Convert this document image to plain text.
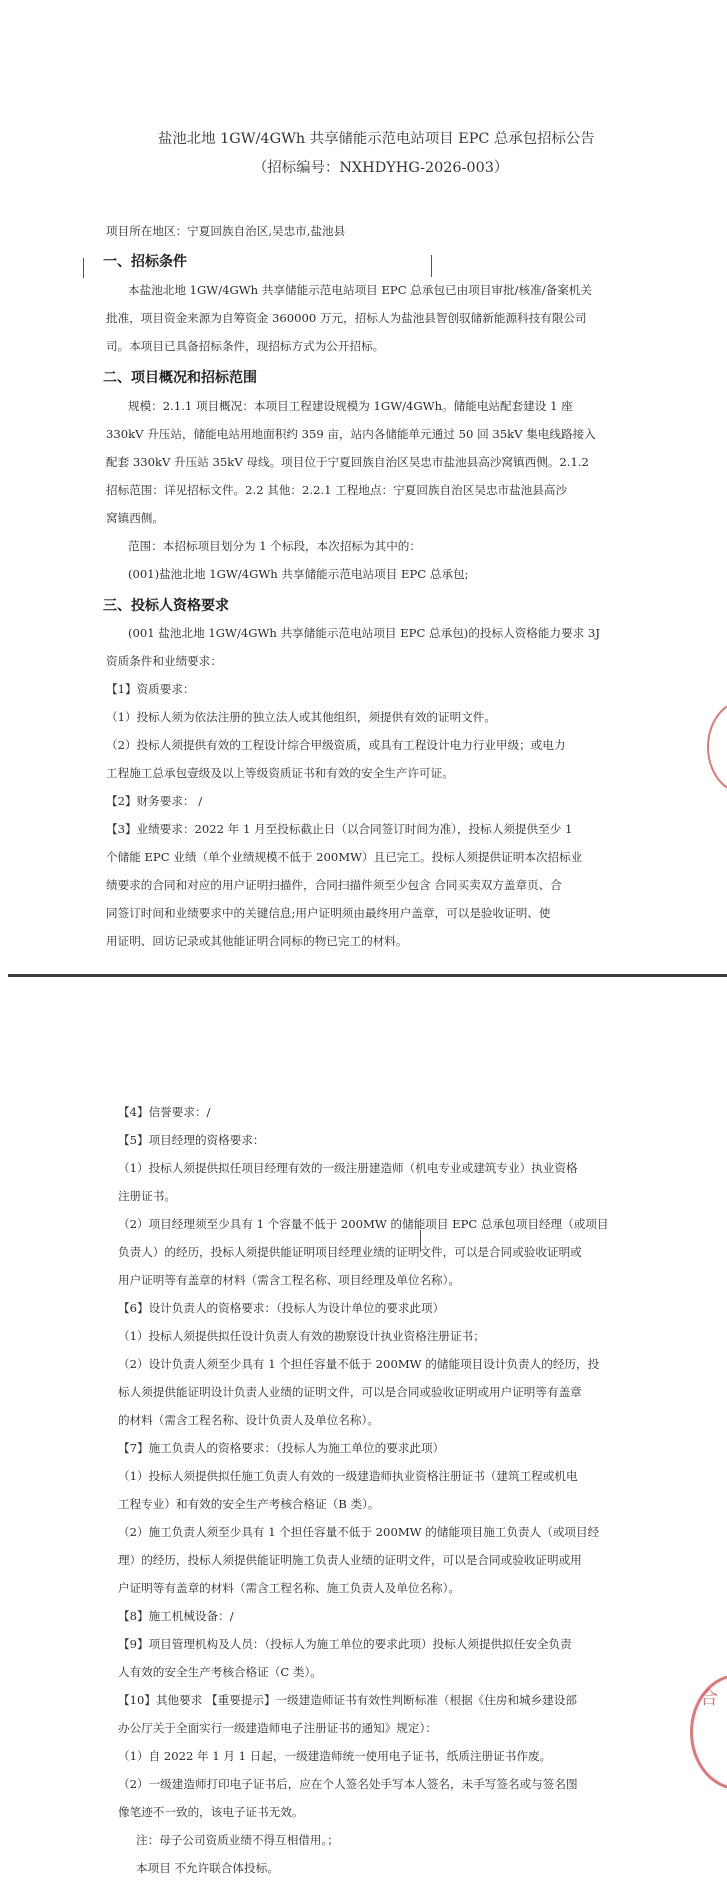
盐池北地 1GW/4GWh 共享储能示范电站项目 EPC 总承包招标公告
（招标编号：NXHDYHG-2026-003）
项目所在地区：宁夏回族自治区,吴忠市,盐池县
一、招标条件
本盐池北地 1GW/4GWh 共享储能示范电站项目 EPC 总承包已由项目审批/核准/备案机关
批准，项目资金来源为自筹资金 360000 万元，招标人为盐池县智创驭储新能源科技有限公司
司。本项目已具备招标条件，现招标方式为公开招标。
二、项目概况和招标范围
规模：2.1.1 项目概况：本项目工程建设规模为 1GW/4GWh。储能电站配套建设 1 座
330kV 升压站，储能电站用地面积约 359 亩，站内各储能单元通过 50 回 35kV 集电线路接入
配套 330kV 升压站 35kV 母线。项目位于宁夏回族自治区吴忠市盐池县高沙窝镇西侧。2.1.2
招标范围：详见招标文件。2.2 其他：2.2.1 工程地点：宁夏回族自治区吴忠市盐池县高沙
窝镇西侧。
范围：本招标项目划分为 1 个标段，本次招标为其中的：
(001)盐池北地 1GW/4GWh 共享储能示范电站项目 EPC 总承包;
三、投标人资格要求
(001 盐池北地 1GW/4GWh 共享储能示范电站项目 EPC 总承包)的投标人资格能力要求 3J
资质条件和业绩要求：
【1】资质要求：
（1）投标人须为依法注册的独立法人或其他组织，须提供有效的证明文件。
（2）投标人须提供有效的工程设计综合甲级资质，或具有工程设计电力行业甲级；或电力
工程施工总承包壹级及以上等级资质证书和有效的安全生产许可证。
【2】财务要求： /
【3】业绩要求：2022 年 1 月至投标截止日（以合同签订时间为准），投标人须提供至少 1
个储能 EPC 业绩（单个业绩规模不低于 200MW）且已完工。投标人须提供证明本次招标业
绩要求的合同和对应的用户证明扫描件，合同扫描件须至少包含 合同买卖双方盖章页、合
同签订时间和业绩要求中的关键信息;用户证明须由最终用户盖章，可以是验收证明、使
用证明、回访记录或其他能证明合同标的物已完工的材料。
【4】信誉要求：/
【5】项目经理的资格要求：
（1）投标人须提供拟任项目经理有效的一级注册建造师（机电专业或建筑专业）执业资格
注册证书。
（2）项目经理须至少具有 1 个容量不低于 200MW 的储能项目 EPC 总承包项目经理（或项目
负责人）的经历，投标人须提供能证明项目经理业绩的证明文件，可以是合同或验收证明或
用户证明等有盖章的材料（需含工程名称、项目经理及单位名称）。
【6】设计负责人的资格要求：（投标人为设计单位的要求此项）
（1）投标人须提供拟任设计负责人有效的勘察设计执业资格注册证书；
（2）设计负责人须至少具有 1 个担任容量不低于 200MW 的储能项目设计负责人的经历，投
标人须提供能证明设计负责人业绩的证明文件，可以是合同或验收证明或用户证明等有盖章
的材料（需含工程名称、设计负责人及单位名称）。
【7】施工负责人的资格要求：（投标人为施工单位的要求此项）
（1）投标人须提供拟任施工负责人有效的一级建造师执业资格注册证书（建筑工程或机电
工程专业）和有效的安全生产考核合格证（B 类）。
（2）施工负责人须至少具有 1 个担任容量不低于 200MW 的储能项目施工负责人（或项目经
理）的经历，投标人须提供能证明施工负责人业绩的证明文件，可以是合同或验收证明或用
户证明等有盖章的材料（需含工程名称、施工负责人及单位名称）。
【8】施工机械设备：/
【9】项目管理机构及人员：（投标人为施工单位的要求此项）投标人须提供拟任安全负责
人有效的安全生产考核合格证（C 类）。
【10】其他要求 【重要提示】一级建造师证书有效性判断标准（根据《住房和城乡建设部
办公厅关于全面实行一级建造师电子注册证书的通知》规定）：
（1）自 2022 年 1 月 1 日起，一级建造师统一使用电子证书，纸质注册证书作废。
（2）一级建造师打印电子证书后，应在个人签名处手写本人签名，未手写签名或与签名图
像笔迹不一致的，该电子证书无效。
注：母子公司资质业绩不得互相借用。；
本项目 不允许联合体投标。
合
